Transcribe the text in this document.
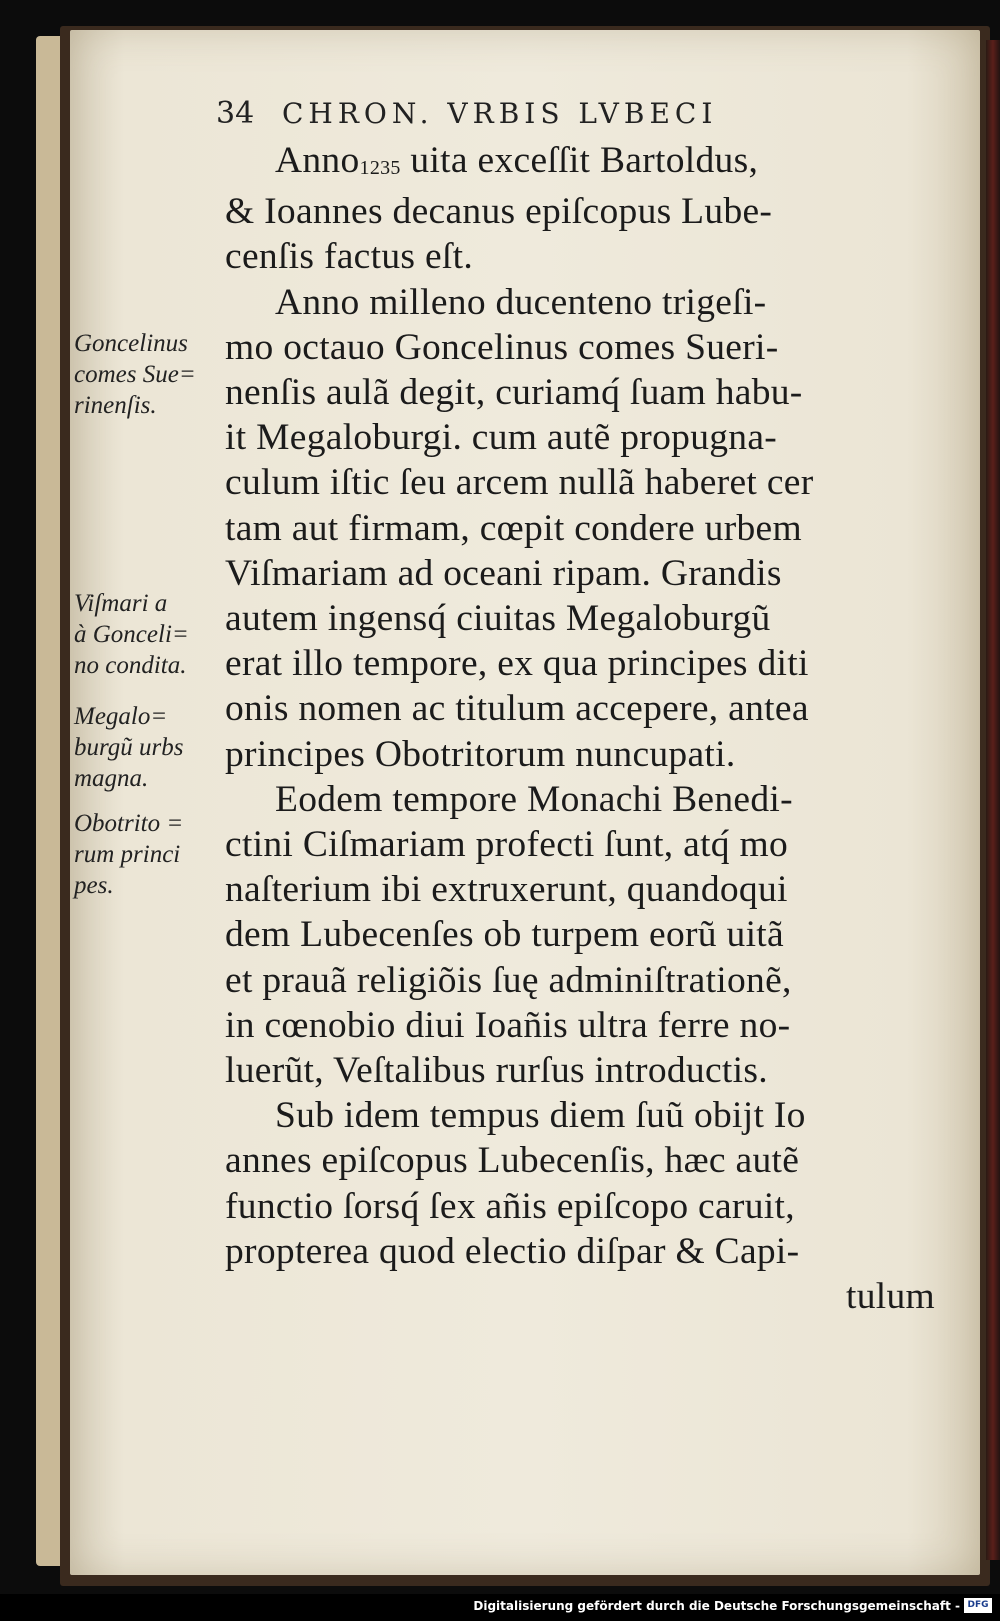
34 CHRON. VRBIS LVBECI
Anno$^{1235}$ uita exceſſit Bartoldus,
& Ioannes decanus epiſcopus Lube-
cenſis factus eſt.
Anno milleno ducenteno trigeſi-
mo octauo Goncelinus comes Sueri-
nenſis aulã degit, curiamq́ ſuam habu-
it Megaloburgi. cum autẽ propugna-
culum iſtic ſeu arcem nullã haberet cer
tam aut firmam, cœpit condere urbem
Viſmariam ad oceani ripam. Grandis
autem ingensq́ ciuitas Megaloburgũ
erat illo tempore, ex qua principes diti
onis nomen ac titulum accepere, antea
principes Obotritorum nuncupati.
Eodem tempore Monachi Benedi-
ctini Ciſmariam profecti ſunt, atq́ mo
naſterium ibi extruxerunt, quandoqui
dem Lubecenſes ob turpem eorũ uitã
et prauã religiõis ſuę adminiſtrationẽ,
in cœnobio diui Ioañis ultra ferre no-
luerũt, Veſtalibus rurſus introductis.
Sub idem tempus diem ſuũ obijt Io
annes epiſcopus Lubecenſis, hæc autẽ
functio ſorsq́ ſex añis epiſcopo caruit,
propterea quod electio diſpar & Capi-
tulum
Goncelinus
comes Sue=
rinenſis.
Viſmari a
à Gonceli=
no condita.
Megalo=
burgũ urbs
magna.
Obotrito =
rum princi
pes.
Digitalisierung gefördert durch die Deutsche Forschungsgemeinschaft - DFG
